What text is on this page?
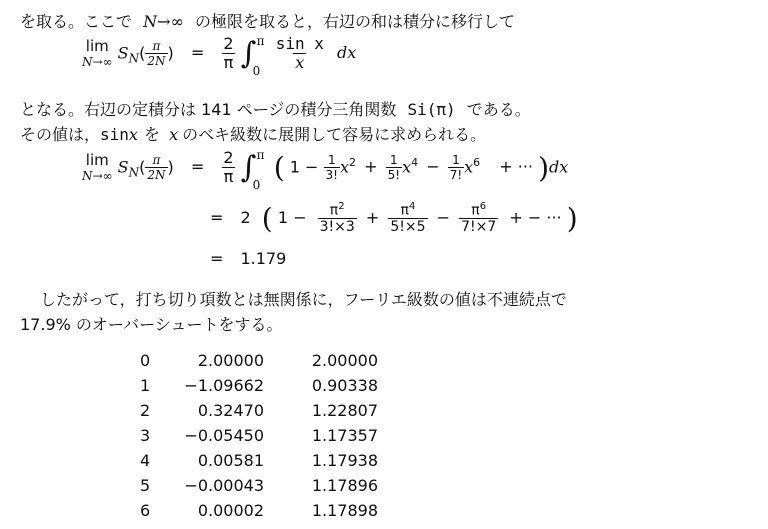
を取る。ここで N→∞ の極限を取ると，右辺の和は積分に移行して
lim
N→∞ $S_N( \frac{\pi}{2N}$ ) = $\frac{2}{\pi}$ ∫ π
0
$\frac{\text{sin x}}{x}$ dx
となる。右辺の定積分は 141 ページの積分三角関数 Si(π) である。
その値は，sinx を x のベキ級数に展開して容易に求められる。
lim
N→∞ $S_N( \frac{\pi}{2N}$ ) = $\frac{2}{\pi}$ ∫ π
0
( $1 - \frac{1}{3!} x^2 + \frac{1}{5!} x^4 - \frac{1}{7!} x^6$ + ··· )dx
= 2 ( $1 - \frac{\pi^2}{3!\times 3} + \frac{\pi^4}{5!\times 5} - \frac{\pi^6}{7!\times 7}$ + − ··· )
= 1.179
したがって，打ち切り項数とは無関係に，フーリエ級数の値は不連続点で
17.9% のオーバーシュートをする。
0	2.00000	2.00000
1	−1.09662	0.90338
2	0.32470	1.22807
3	−0.05450	1.17357
4	0.00581	1.17938
5	−0.00043	1.17896
6	0.00002	1.17898
